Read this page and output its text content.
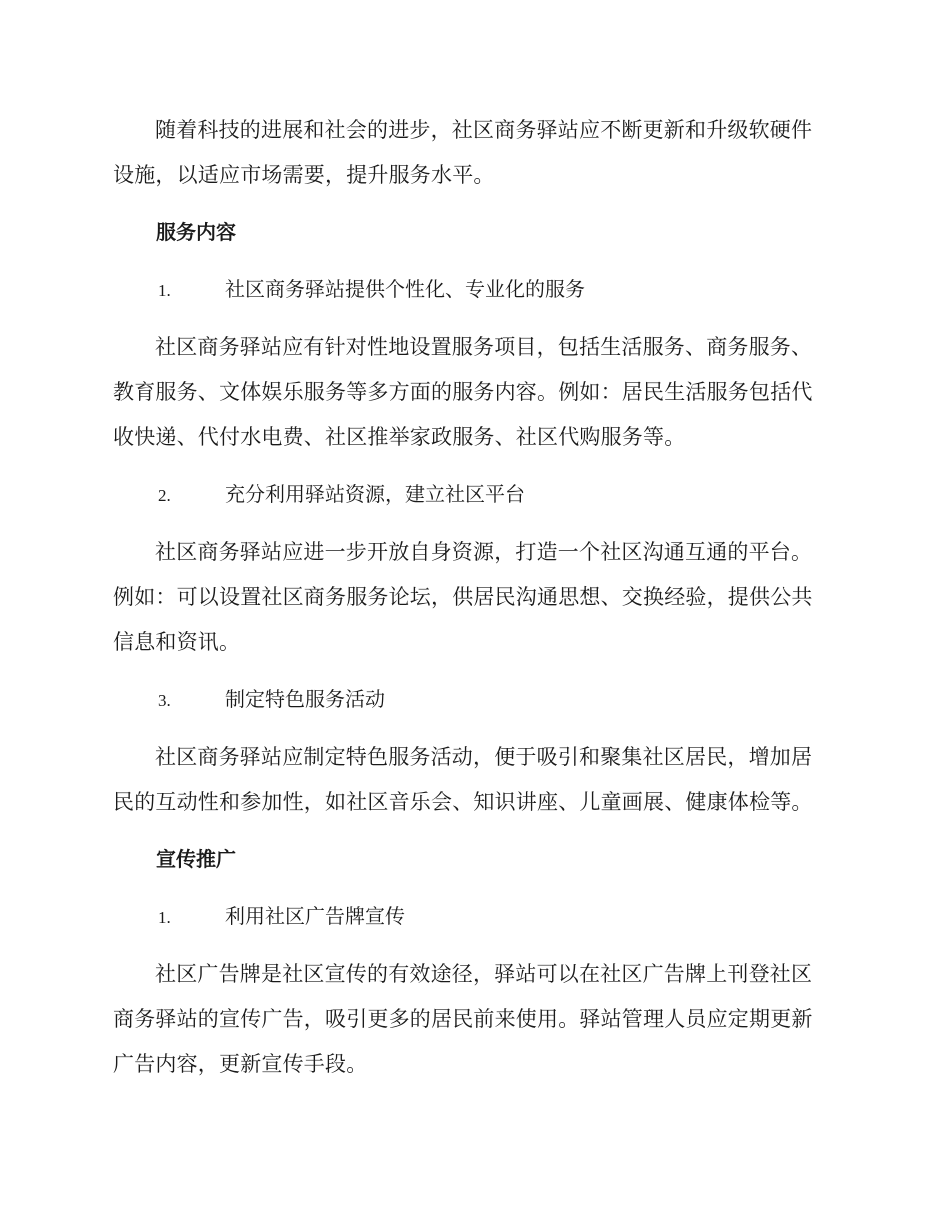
随着科技的进展和社会的进步，社区商务驿站应不断更新和升级软硬件设施，以适应市场需要，提升服务水平。

服务内容
1.	社区商务驿站提供个性化、专业化的服务

社区商务驿站应有针对性地设置服务项目，包括生活服务、商务服务、教育服务、文体娱乐服务等多方面的服务内容。例如：居民生活服务包括代收快递、代付水电费、社区推举家政服务、社区代购服务等。

2.	充分利用驿站资源，建立社区平台

社区商务驿站应进一步开放自身资源，打造一个社区沟通互通的平台。例如：可以设置社区商务服务论坛，供居民沟通思想、交换经验，提供公共信息和资讯。

3.	制定特色服务活动

社区商务驿站应制定特色服务活动，便于吸引和聚集社区居民，增加居民的互动性和参加性，如社区音乐会、知识讲座、儿童画展、健康体检等。

宣传推广
1.	利用社区广告牌宣传

社区广告牌是社区宣传的有效途径，驿站可以在社区广告牌上刊登社区商务驿站的宣传广告，吸引更多的居民前来使用。驿站管理人员应定期更新广告内容，更新宣传手段。
